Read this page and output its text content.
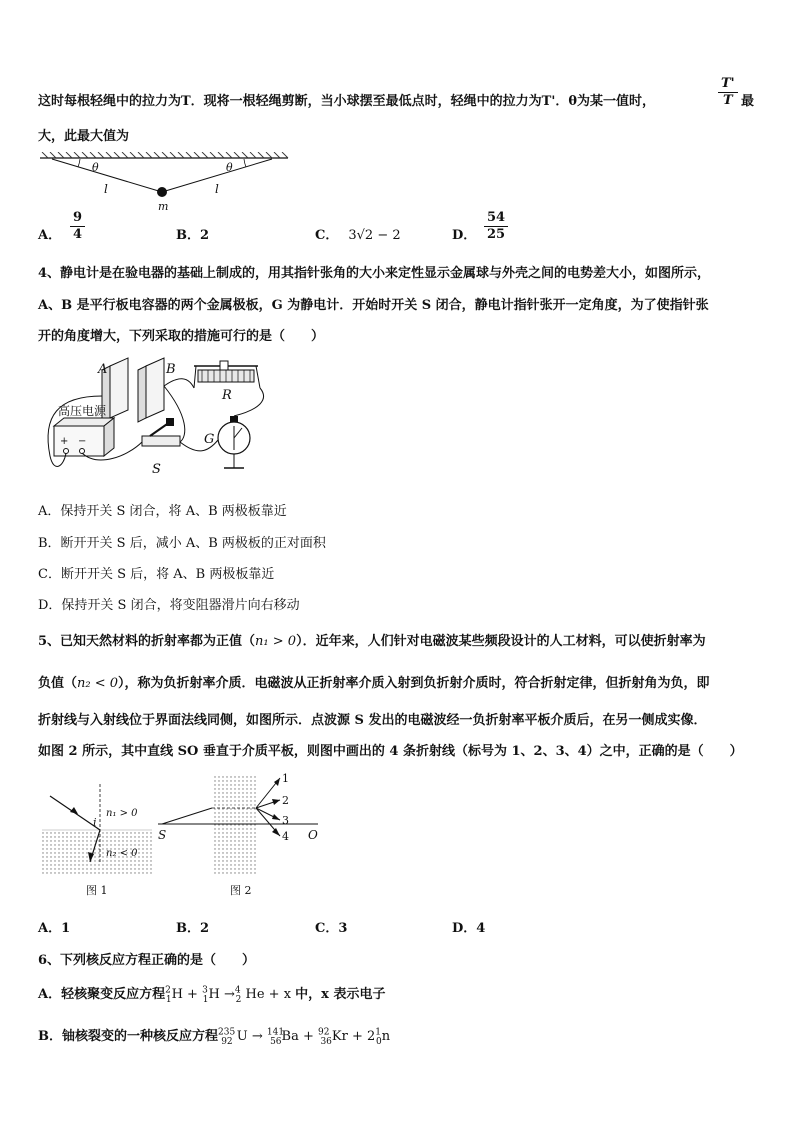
这时每根轻绳中的拉力为T．现将一根轻绳剪断，当小球摆至最低点时，轻绳中的拉力为T'．θ为某一值时，	$\frac{T'}{T}$ 最
大，此最大值为
θ	θ
l	l
m
A． $\frac{9}{4}$	B．2	C． 3√2 − 2	D． $\frac{54}{25}$
4、静电计是在验电器的基础上制成的，用其指针张角的大小来定性显示金属球与外壳之间的电势差大小，如图所示，
A、B 是平行板电容器的两个金属极板，G 为静电计．开始时开关 S 闭合，静电计指针张开一定角度，为了使指针张
开的角度增大，下列采取的措施可行的是（　　）
A	B
R
高压电源
+ −
S
G
A．保持开关 S 闭合，将 A、B 两极板靠近
B．断开开关 S 后，减小 A、B 两极板的正对面积
C．断开开关 S 后，将 A、B 两极板靠近
D．保持开关 S 闭合，将变阻器滑片向右移动
5、已知天然材料的折射率都为正值（n₁ > 0）．近年来，人们针对电磁波某些频段设计的人工材料，可以使折射率为
负值（n₂ < 0），称为负折射率介质．电磁波从正折射率介质入射到负折射介质时，符合折射定律，但折射角为负，即
折射线与入射线位于界面法线同侧，如图所示．点波源 S 发出的电磁波经一负折射率平板介质后，在另一侧成实像．
如图 2 所示，其中直线 SO 垂直于介质平板，则图中画出的 4 条折射线（标号为 1、2、3、4）之中，正确的是（　　）
i
n₁ > 0
n₂ < 0
图 1
1
2
3
4
S	O
图 2
A．1	B．2	C．3	D．4
6、下列核反应方程正确的是（　　）
A．轻核聚变反应方程$^2_1$H + $^3_1$H →$^4_2$ He + x 中，x 表示电子
B．铀核裂变的一种核反应方程$^{235}_{92}$ $U \to ^{141}_{56}Ba + ^{92}_{36}Kr + 2^1_0n$
